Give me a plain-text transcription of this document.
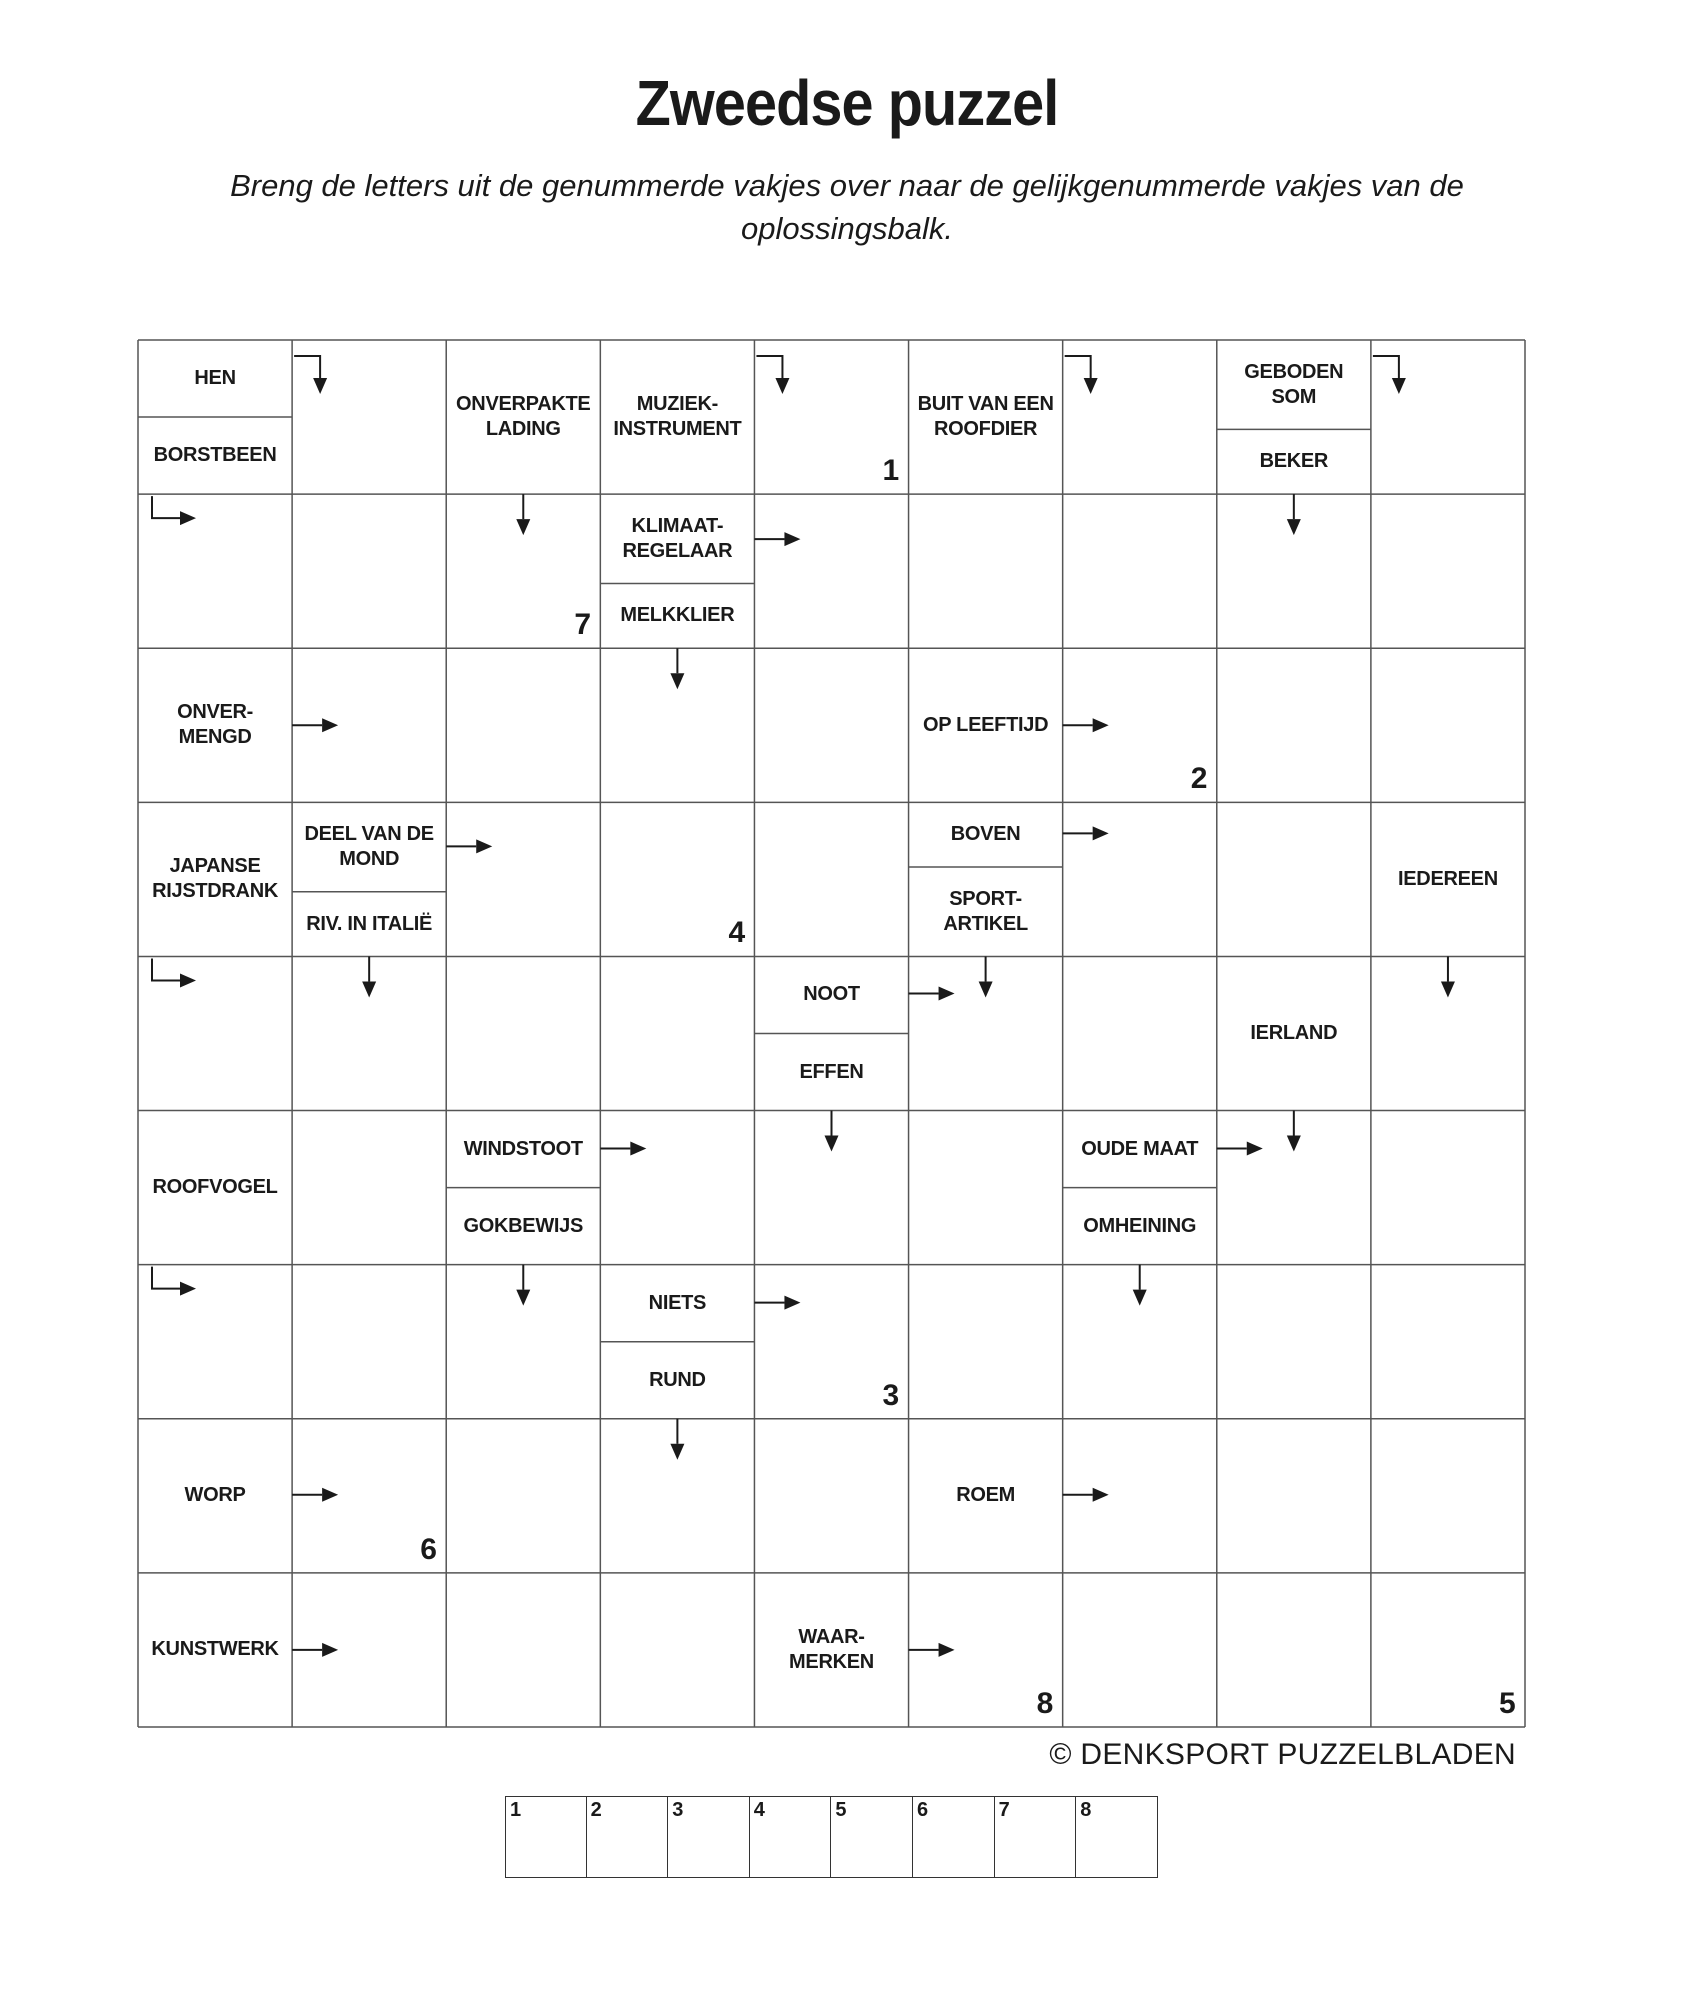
Zweedse puzzel
Breng de letters uit de genummerde vakjes over naar de gelijkgenummerde vakjes van de oplossingsbalk.
HEN
BORSTBEEN
ONVERPAKTE LADING
MUZIEK-INSTRUMENT
BUIT VAN EEN ROOFDIER
GEBODEN SOM
BEKER
KLIMAAT-REGELAAR
MELKKLIER
ONVER-MENGD
OP LEEFTIJD
JAPANSE RIJSTDRANK
DEEL VAN DE MOND
RIV. IN ITALIË
BOVEN
SPORT-ARTIKEL
IEDEREEN
NOOT
EFFEN
IERLAND
ROOFVOGEL
WINDSTOOT
GOKBEWIJS
OUDE MAAT
OMHEINING
NIETS
RUND
WORP	ROEM
KUNSTWERK
WAAR-MERKEN
1
2
3
4
5
6
7
8
© DENKSPORT PUZZELBLADEN
1	2	3	4	5	6	7	8
